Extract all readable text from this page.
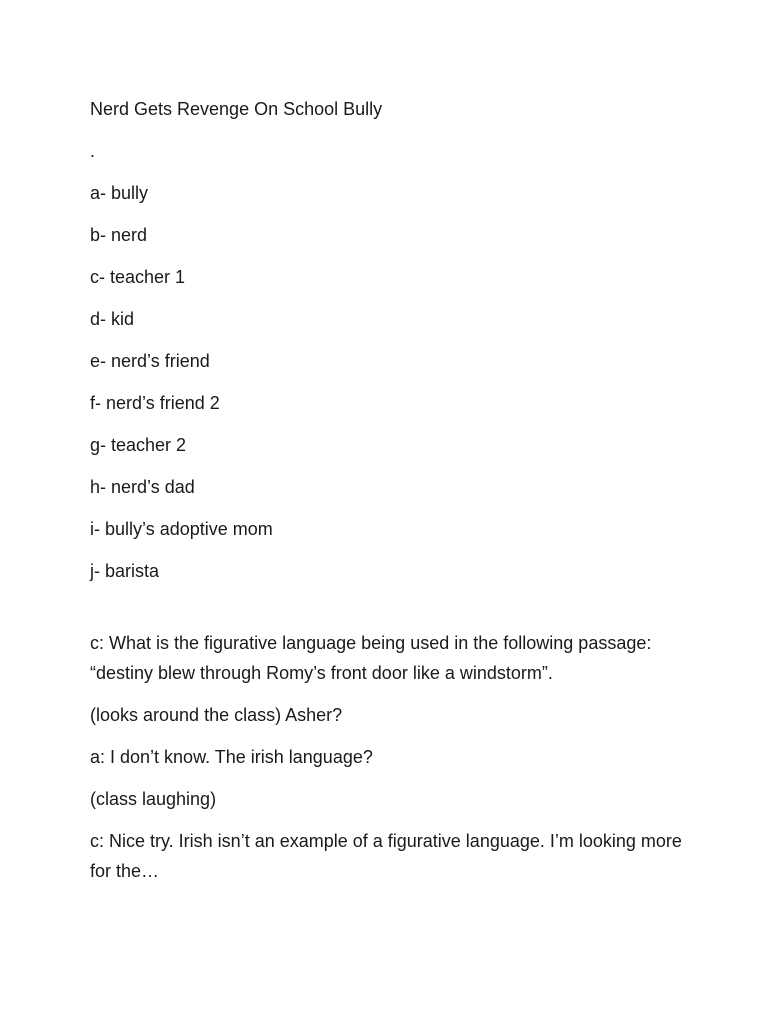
Nerd Gets Revenge On School Bully

.

a- bully

b- nerd

c- teacher 1

d- kid

e- nerd’s friend

f- nerd’s friend 2

g- teacher 2

h- nerd’s dad

i- bully’s adoptive mom

j- barista

c: What is the figurative language being used in the following passage: “destiny blew through Romy’s front door like a windstorm”.

(looks around the class) Asher?

a: I don’t know. The irish language?

(class laughing)

c: Nice try. Irish isn’t an example of a figurative language. I’m looking more for the…
